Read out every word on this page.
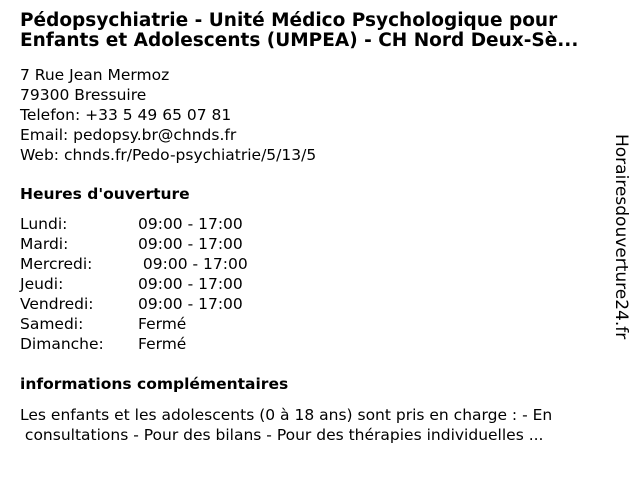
Pédopsychiatrie - Unité Médico Psychologique pour
Enfants et Adolescents (UMPEA) - CH Nord Deux-Sè...
7 Rue Jean Mermoz
79300 Bressuire
Telefon: +33 5 49 65 07 81
Email: pedopsy.br@chnds.fr
Web: chnds.fr/Pedo-psychiatrie/5/13/5
Heures d'ouverture
Lundi:	09:00 - 17:00
Mardi:	09:00 - 17:00
Mercredi:	09:00 - 17:00
Jeudi:	09:00 - 17:00
Vendredi:	09:00 - 17:00
Samedi:	Fermé
Dimanche: Fermé
informations complémentaires
Les enfants et les adolescents (0 à 18 ans) sont pris en charge : - En
consultations - Pour des bilans - Pour des thérapies individuelles ...
Horairesdouverture24.fr
